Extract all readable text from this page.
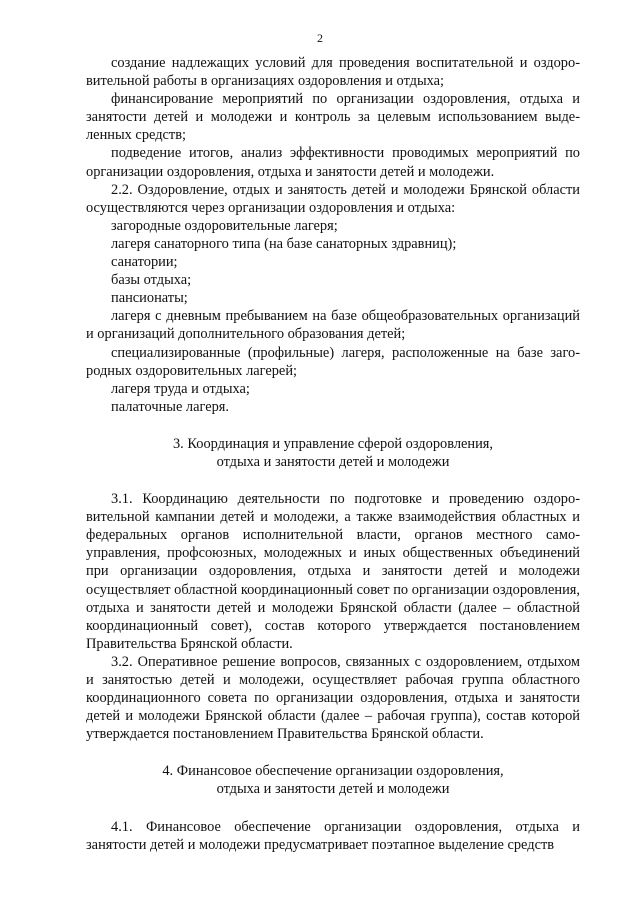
2

создание надлежащих условий для проведения воспитательной и оздоровительной работы в организациях оздоровления и отдыха;

финансирование мероприятий по организации оздоровления, отдыха и занятости детей и молодежи и контроль за целевым использованием выделенных средств;

подведение итогов, анализ эффективности проводимых мероприятий по организации оздоровления, отдыха и занятости детей и молодежи.

2.2. Оздоровление, отдых и занятость детей и молодежи Брянской области осуществляются через организации оздоровления и отдыха:

загородные оздоровительные лагеря;

лагеря санаторного типа (на базе санаторных здравниц);

санатории;

базы отдыха;

пансионаты;

лагеря с дневным пребыванием на базе общеобразовательных организаций и организаций дополнительного образования детей;

специализированные (профильные) лагеря, расположенные на базе загородных оздоровительных лагерей;

лагеря труда и отдыха;

палаточные лагеря.

3. Координация и управление сферой оздоровления,
отдыха и занятости детей и молодежи

3.1. Координацию деятельности по подготовке и проведению оздоровительной кампании детей и молодежи, а также взаимодействия областных и федеральных органов исполнительной власти, органов местного самоуправления, профсоюзных, молодежных и иных общественных объединений при организации оздоровления, отдыха и занятости детей и молодежи осуществляет областной координационный совет по организации оздоровления, отдыха и занятости детей и молодежи Брянской области (далее – областной координационный совет), состав которого утверждается постановлением Правительства Брянской области.

3.2. Оперативное решение вопросов, связанных с оздоровлением, отдыхом и занятостью детей и молодежи, осуществляет рабочая группа областного координационного совета по организации оздоровления, отдыха и занятости детей и молодежи Брянской области (далее – рабочая группа), состав которой утверждается постановлением Правительства Брянской области.

4. Финансовое обеспечение организации оздоровления,
отдыха и занятости детей и молодежи

4.1. Финансовое обеспечение организации оздоровления, отдыха и занятости детей и молодежи предусматривает поэтапное выделение средств
